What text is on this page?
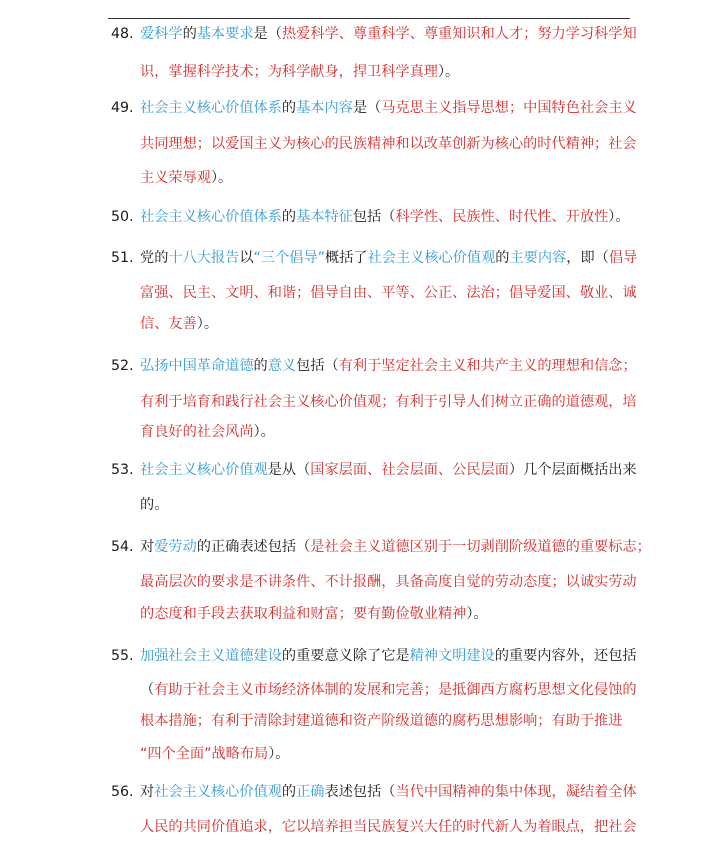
48. 爱科学的基本要求是（热爱科学、尊重科学、尊重知识和人才；努力学习科学知
识，掌握科学技术；为科学献身，捍卫科学真理）。
49. 社会主义核心价值体系的基本内容是（马克思主义指导思想；中国特色社会主义
共同理想；以爱国主义为核心的民族精神和以改革创新为核心的时代精神；社会
主义荣辱观）。
50. 社会主义核心价值体系的基本特征包括（科学性、民族性、时代性、开放性）。
51. 党的十八大报告以“三个倡导”概括了社会主义核心价值观的主要内容，即（倡导
富强、民主、文明、和谐；倡导自由、平等、公正、法治；倡导爱国、敬业、诚
信、友善）。
52. 弘扬中国革命道德的意义包括（有利于坚定社会主义和共产主义的理想和信念；
有利于培育和践行社会主义核心价值观；有利于引导人们树立正确的道德观，培
育良好的社会风尚）。
53. 社会主义核心价值观是从（国家层面、社会层面、公民层面）几个层面概括出来
的。
54. 对爱劳动的正确表述包括（是社会主义道德区别于一切剥削阶级道德的重要标志；
最高层次的要求是不讲条件、不计报酬，具备高度自觉的劳动态度；以诚实劳动
的态度和手段去获取利益和财富；要有勤俭敬业精神）。
55. 加强社会主义道德建设的重要意义除了它是精神文明建设的重要内容外，还包括
（有助于社会主义市场经济体制的发展和完善；是抵御西方腐朽思想文化侵蚀的
根本措施；有利于清除封建道德和资产阶级道德的腐朽思想影响；有助于推进
“四个全面”战略布局）。
56. 对社会主义核心价值观的正确表述包括（当代中国精神的集中体现，凝结着全体
人民的共同价值追求，它以培养担当民族复兴大任的时代新人为着眼点，把社会
